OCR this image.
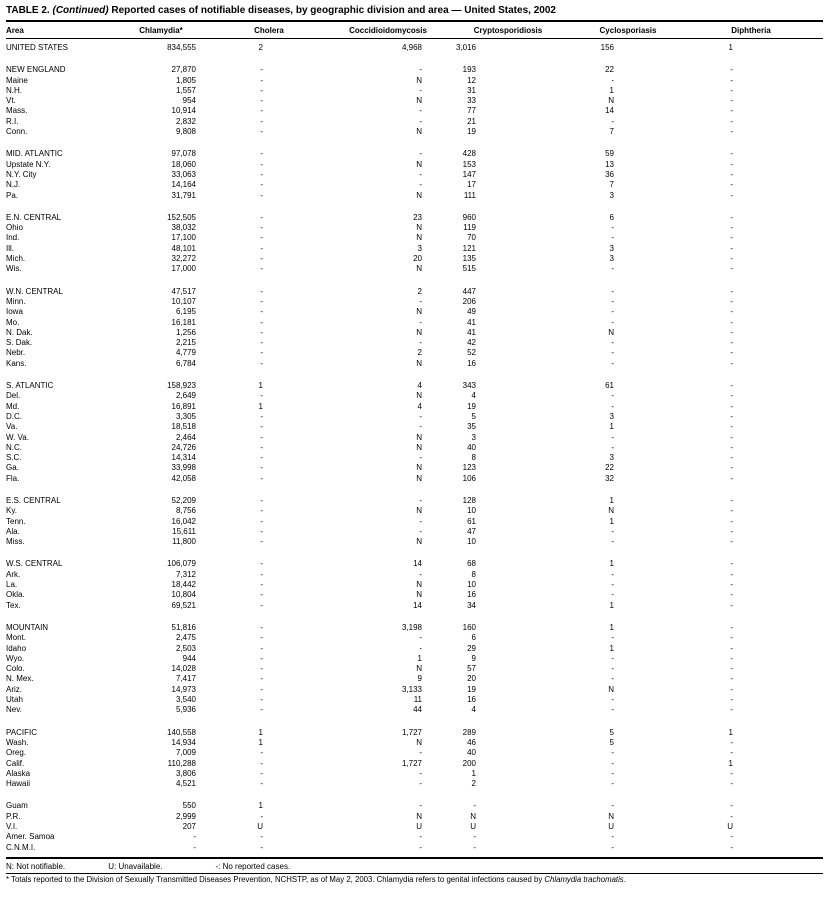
TABLE 2. (Continued) Reported cases of notifiable diseases, by geographic division and area — United States, 2002
Area	Chlamydia*	Cholera	Coccidioidomycosis	Cryptosporidiosis	Cyclosporiasis	Diphtheria
UNITED STATES	834,555	2	4,968	3,016	156	1
NEW ENGLAND	27,870	-	-	193	22	-
Maine	1,805	-	N	12	-	-
N.H.	1,557	-	-	31	1	-
Vt.	954	-	N	33	N	-
Mass.	10,914	-	-	77	14	-
R.I.	2,832	-	-	21	-	-
Conn.	9,808	-	N	19	7	-
MID. ATLANTIC	97,078	-	-	428	59	-
Upstate N.Y.	18,060	-	N	153	13	-
N.Y. City	33,063	-	-	147	36	-
N.J.	14,164	-	-	17	7	-
Pa.	31,791	-	N	111	3	-
E.N. CENTRAL	152,505	-	23	960	6	-
Ohio	38,032	-	N	119	-	-
Ind.	17,100	-	N	70	-	-
Ill.	48,101	-	3	121	3	-
Mich.	32,272	-	20	135	3	-
Wis.	17,000	-	N	515	-	-
W.N. CENTRAL	47,517	-	2	447	-	-
Minn.	10,107	-	-	206	-	-
Iowa	6,195	-	N	49	-	-
Mo.	16,181	-	-	41	-	-
N. Dak.	1,256	-	N	41	N	-
S. Dak.	2,215	-	-	42	-	-
Nebr.	4,779	-	2	52	-	-
Kans.	6,784	-	N	16	-	-
S. ATLANTIC	158,923	1	4	343	61	-
Del.	2,649	-	N	4	-	-
Md.	16,891	1	4	19	-	-
D.C.	3,305	-	-	5	3	-
Va.	18,518	-	-	35	1	-
W. Va.	2,464	-	N	3	-	-
N.C.	24,726	-	N	40	-	-
S.C.	14,314	-	-	8	3	-
Ga.	33,998	-	N	123	22	-
Fla.	42,058	-	N	106	32	-
E.S. CENTRAL	52,209	-	-	128	1	-
Ky.	8,756	-	N	10	N	-
Tenn.	16,042	-	-	61	1	-
Ala.	15,611	-	-	47	-	-
Miss.	11,800	-	N	10	-	-
W.S. CENTRAL	106,079	-	14	68	1	-
Ark.	7,312	-	-	8	-	-
La.	18,442	-	N	10	-	-
Okla.	10,804	-	N	16	-	-
Tex.	69,521	-	14	34	1	-
MOUNTAIN	51,816	-	3,198	160	1	-
Mont.	2,475	-	-	6	-	-
Idaho	2,503	-	-	29	1	-
Wyo.	944	-	1	9	-	-
Colo.	14,028	-	N	57	-	-
N. Mex.	7,417	-	9	20	-	-
Ariz.	14,973	-	3,133	19	N	-
Utah	3,540	-	11	16	-	-
Nev.	5,936	-	44	4	-	-
PACIFIC	140,558	1	1,727	289	5	1
Wash.	14,934	1	N	46	5	-
Oreg.	7,009	-	-	40	-	-
Calif.	110,288	-	1,727	200	-	1
Alaska	3,806	-	-	1	-	-
Hawaii	4,521	-	-	2	-	-
Guam	550	1	-	-	-	-
P.R.	2,999	-	N	N	N	-
V.I.	207	U	U	U	U	U
Amer. Samoa	-	-	-	-	-	-
C.N.M.I.	-	-	-	-	-	-
N: Not notifiable.	U: Unavailable.	-: No reported cases.
* Totals reported to the Division of Sexually Transmitted Diseases Prevention, NCHSTP, as of May 2, 2003. Chlamydia refers to genital infections caused by Chlamydia trachomatis.
